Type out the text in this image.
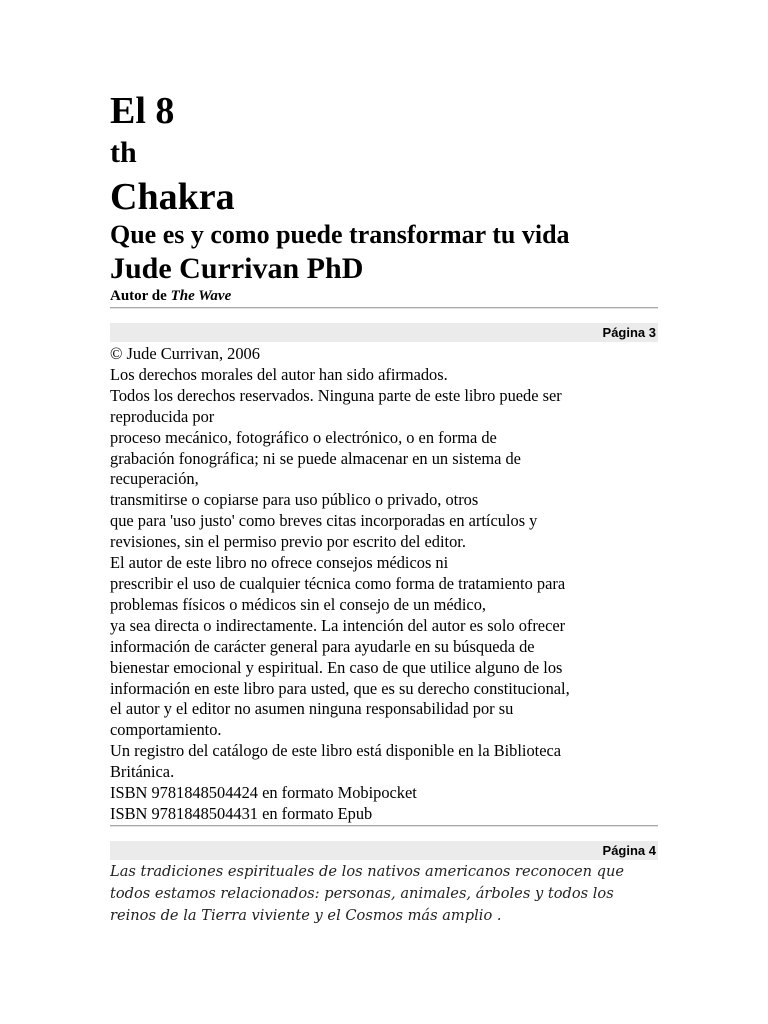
El 8
th
Chakra
Que es y como puede transformar tu vida
Jude Currivan PhD
Autor de The Wave
Página 3
© Jude Currivan, 2006
Los derechos morales del autor han sido afirmados.
Todos los derechos reservados. Ninguna parte de este libro puede ser
reproducida por
proceso mecánico, fotográfico o electrónico, o en forma de
grabación fonográfica; ni se puede almacenar en un sistema de
recuperación,
transmitirse o copiarse para uso público o privado, otros
que para 'uso justo' como breves citas incorporadas en artículos y
revisiones, sin el permiso previo por escrito del editor.
El autor de este libro no ofrece consejos médicos ni
prescribir el uso de cualquier técnica como forma de tratamiento para
problemas físicos o médicos sin el consejo de un médico,
ya sea directa o indirectamente. La intención del autor es solo ofrecer
información de carácter general para ayudarle en su búsqueda de
bienestar emocional y espiritual. En caso de que utilice alguno de los
información en este libro para usted, que es su derecho constitucional,
el autor y el editor no asumen ninguna responsabilidad por su
comportamiento.
Un registro del catálogo de este libro está disponible en la Biblioteca
Británica.
ISBN 9781848504424 en formato Mobipocket
ISBN 9781848504431 en formato Epub
Página 4
Las tradiciones espirituales de los nativos americanos reconocen que
todos estamos relacionados: personas, animales, árboles y todos los
reinos de la Tierra viviente y el Cosmos más amplio .
